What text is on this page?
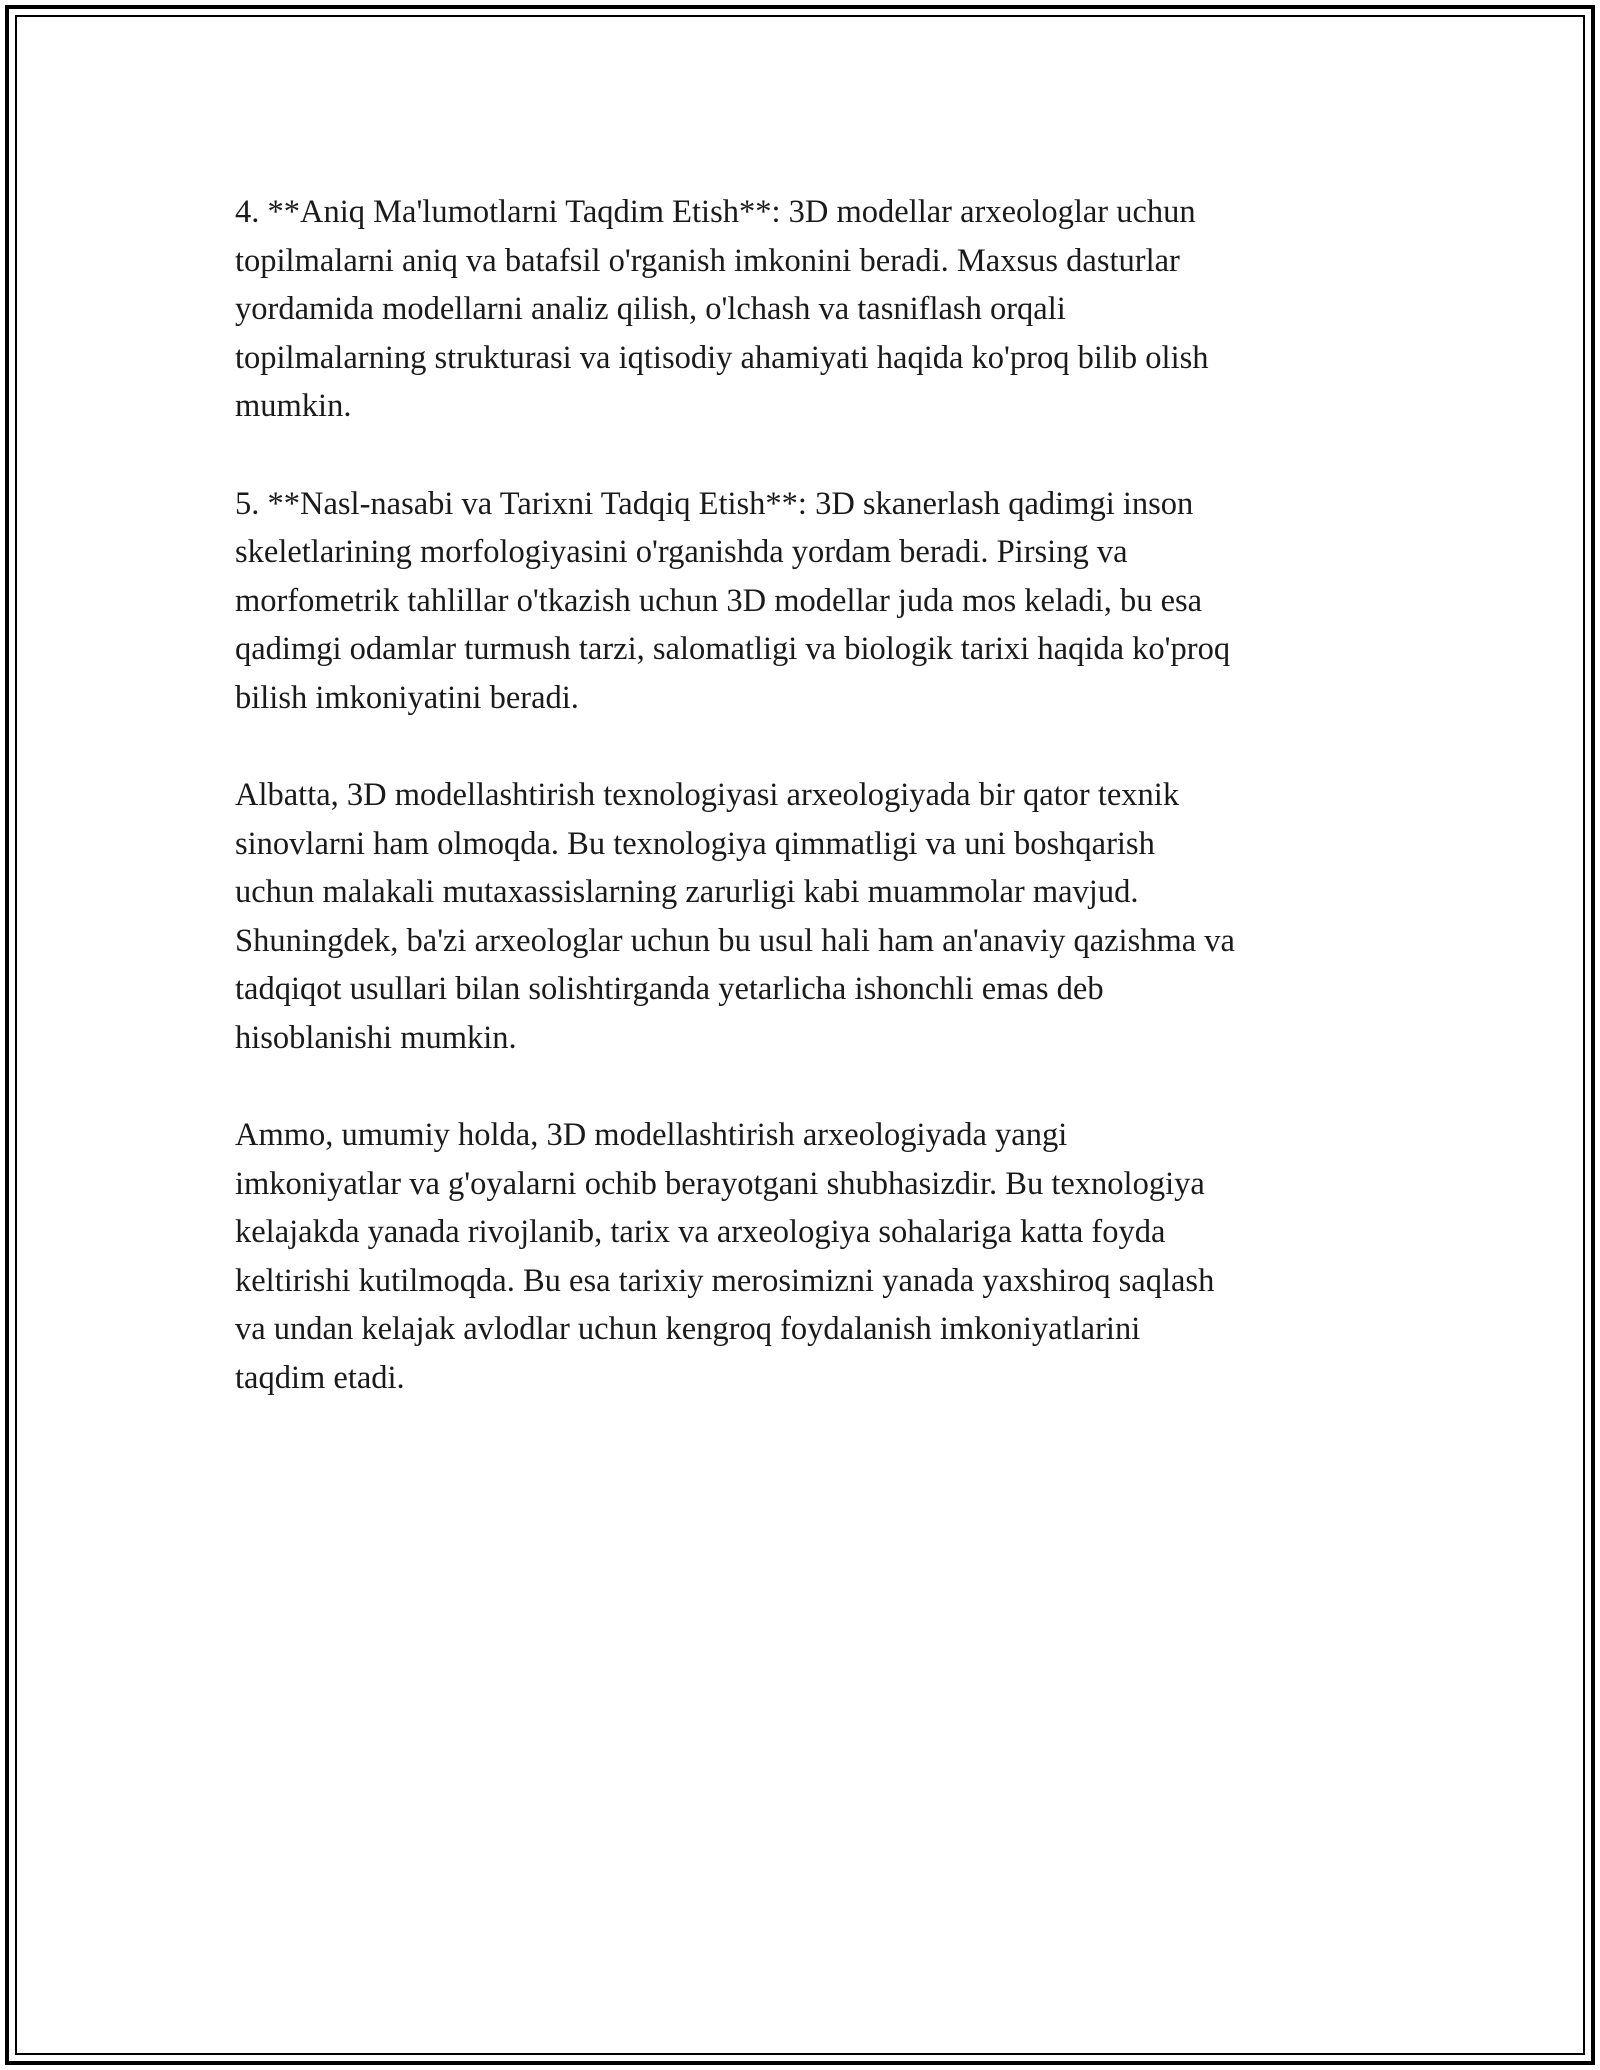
4. **Aniq Ma'lumotlarni Taqdim Etish**: 3D modellar arxeologlar uchun
topilmalarni aniq va batafsil o'rganish imkonini beradi. Maxsus dasturlar
yordamida modellarni analiz qilish, o'lchash va tasniflash orqali
topilmalarning strukturasi va iqtisodiy ahamiyati haqida ko'proq bilib olish
mumkin.

5. **Nasl-nasabi va Tarixni Tadqiq Etish**: 3D skanerlash qadimgi inson
skeletlarining morfologiyasini o'rganishda yordam beradi. Pirsing va
morfometrik tahlillar o'tkazish uchun 3D modellar juda mos keladi, bu esa
qadimgi odamlar turmush tarzi, salomatligi va biologik tarixi haqida ko'proq
bilish imkoniyatini beradi.

Albatta, 3D modellashtirish texnologiyasi arxeologiyada bir qator texnik
sinovlarni ham olmoqda. Bu texnologiya qimmatligi va uni boshqarish
uchun malakali mutaxassislarning zarurligi kabi muammolar mavjud.
Shuningdek, ba'zi arxeologlar uchun bu usul hali ham an'anaviy qazishma va
tadqiqot usullari bilan solishtirganda yetarlicha ishonchli emas deb
hisoblanishi mumkin.

Ammo, umumiy holda, 3D modellashtirish arxeologiyada yangi
imkoniyatlar va g'oyalarni ochib berayotgani shubhasizdir. Bu texnologiya
kelajakda yanada rivojlanib, tarix va arxeologiya sohalariga katta foyda
keltirishi kutilmoqda. Bu esa tarixiy merosimizni yanada yaxshiroq saqlash
va undan kelajak avlodlar uchun kengroq foydalanish imkoniyatlarini
taqdim etadi.
